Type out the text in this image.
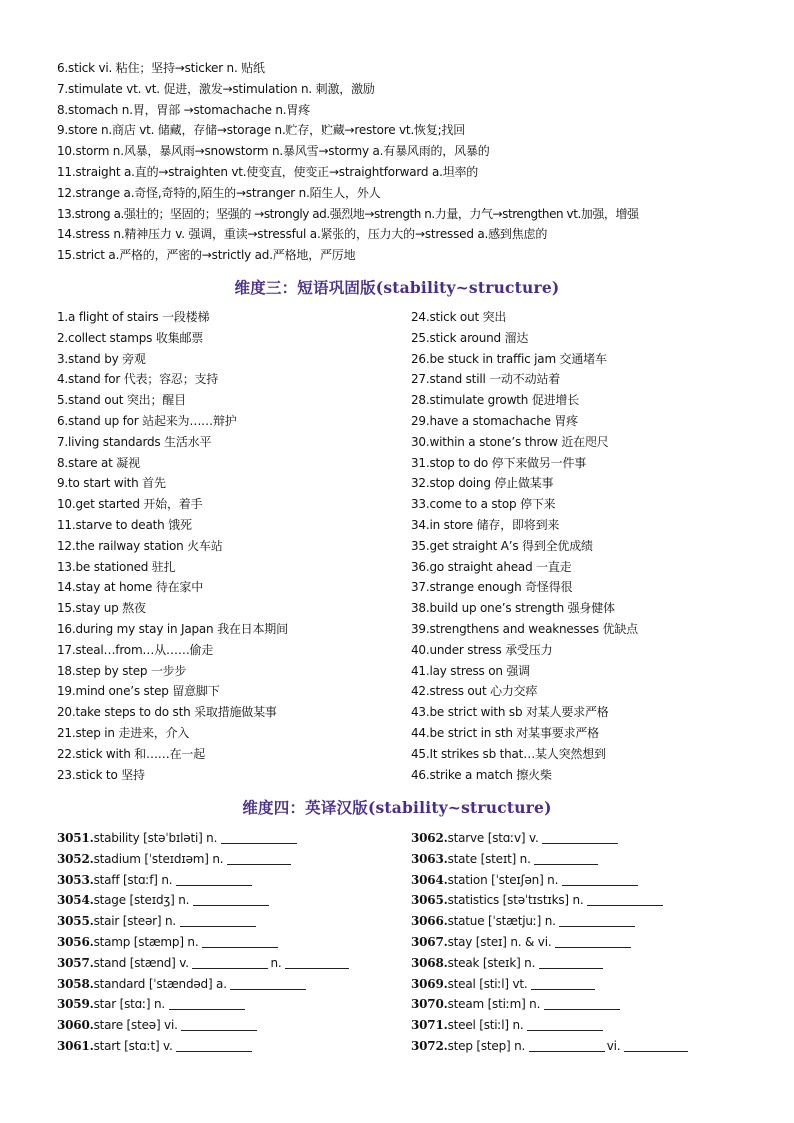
6.stick vi. 粘住；坚持→sticker n. 贴纸
7.stimulate vt. vt. 促进，激发→stimulation n. 刺激，激励
8.stomach n.胃，胃部 →stomachache n.胃疼
9.store n.商店 vt. 储藏，存储→storage n.贮存，贮藏→restore vt.恢复;找回
10.storm n.风暴，暴风雨→snowstorm n.暴风雪→stormy a.有暴风雨的，风暴的
11.straight a.直的→straighten vt.使变直，使变正→straightforward a.坦率的
12.strange a.奇怪,奇特的,陌生的→stranger n.陌生人，外人
13.strong a.强壮的；坚固的；坚强的 →strongly ad.强烈地→strength n.力量，力气→strengthen vt.加强，增强
14.stress n.精神压力 v. 强调，重读→stressful a.紧张的，压力大的→stressed a.感到焦虑的
15.strict a.严格的，严密的→strictly ad.严格地，严厉地
维度三：短语巩固版(stability~structure)
1.a flight of stairs 一段楼梯
2.collect stamps 收集邮票
3.stand by 旁观
4.stand for 代表；容忍；支持
5.stand out 突出；醒目
6.stand up for 站起来为……辩护
7.living standards 生活水平
8.stare at 凝视
9.to start with 首先
10.get started 开始，着手
11.starve to death 饿死
12.the railway station 火车站
13.be stationed 驻扎
14.stay at home 待在家中
15.stay up 熬夜
16.during my stay in Japan 我在日本期间
17.steal…from…从……偷走
18.step by step 一步步
19.mind one’s step 留意脚下
20.take steps to do sth 采取措施做某事
21.step in 走进来，介入
22.stick with 和……在一起
23.stick to 坚持
24.stick out 突出
25.stick around 溜达
26.be stuck in traffic jam 交通堵车
27.stand still 一动不动站着
28.stimulate growth 促进增长
29.have a stomachache 胃疼
30.within a stone’s throw 近在咫尺
31.stop to do 停下来做另一件事
32.stop doing 停止做某事
33.come to a stop 停下来
34.in store 储存，即将到来
35.get straight A’s 得到全优成绩
36.go straight ahead 一直走
37.strange enough 奇怪得很
38.build up one’s strength 强身健体
39.strengthens and weaknesses 优缺点
40.under stress 承受压力
41.lay stress on 强调
42.stress out 心力交瘁
43.be strict with sb 对某人要求严格
44.be strict in sth 对某事要求严格
45.It strikes sb that…某人突然想到
46.strike a match 擦火柴
维度四：英译汉版(stability~structure)
3051.stability [stəˈbɪləti] n.
3052.stadium [ˈsteɪdɪəm] n.
3053.staff [stɑːf] n.
3054.stage [steɪdʒ] n.
3055.stair [steər] n.
3056.stamp [stæmp] n.
3057.stand [stænd] v.	n.
3058.standard [ˈstændəd] a.
3059.star [stɑː] n.
3060.stare [steə] vi.
3061.start [stɑːt] v.
3062.starve [stɑːv] v.
3063.state [steɪt] n.
3064.station [ˈsteɪʃən] n.
3065.statistics [stəˈtɪstɪks] n.
3066.statue [ˈstætjuː] n.
3067.stay [steɪ] n. & vi.
3068.steak [steɪk] n.
3069.steal [stiːl] vt.
3070.steam [stiːm] n.
3071.steel [stiːl] n.
3072.step [step] n.	vi.
